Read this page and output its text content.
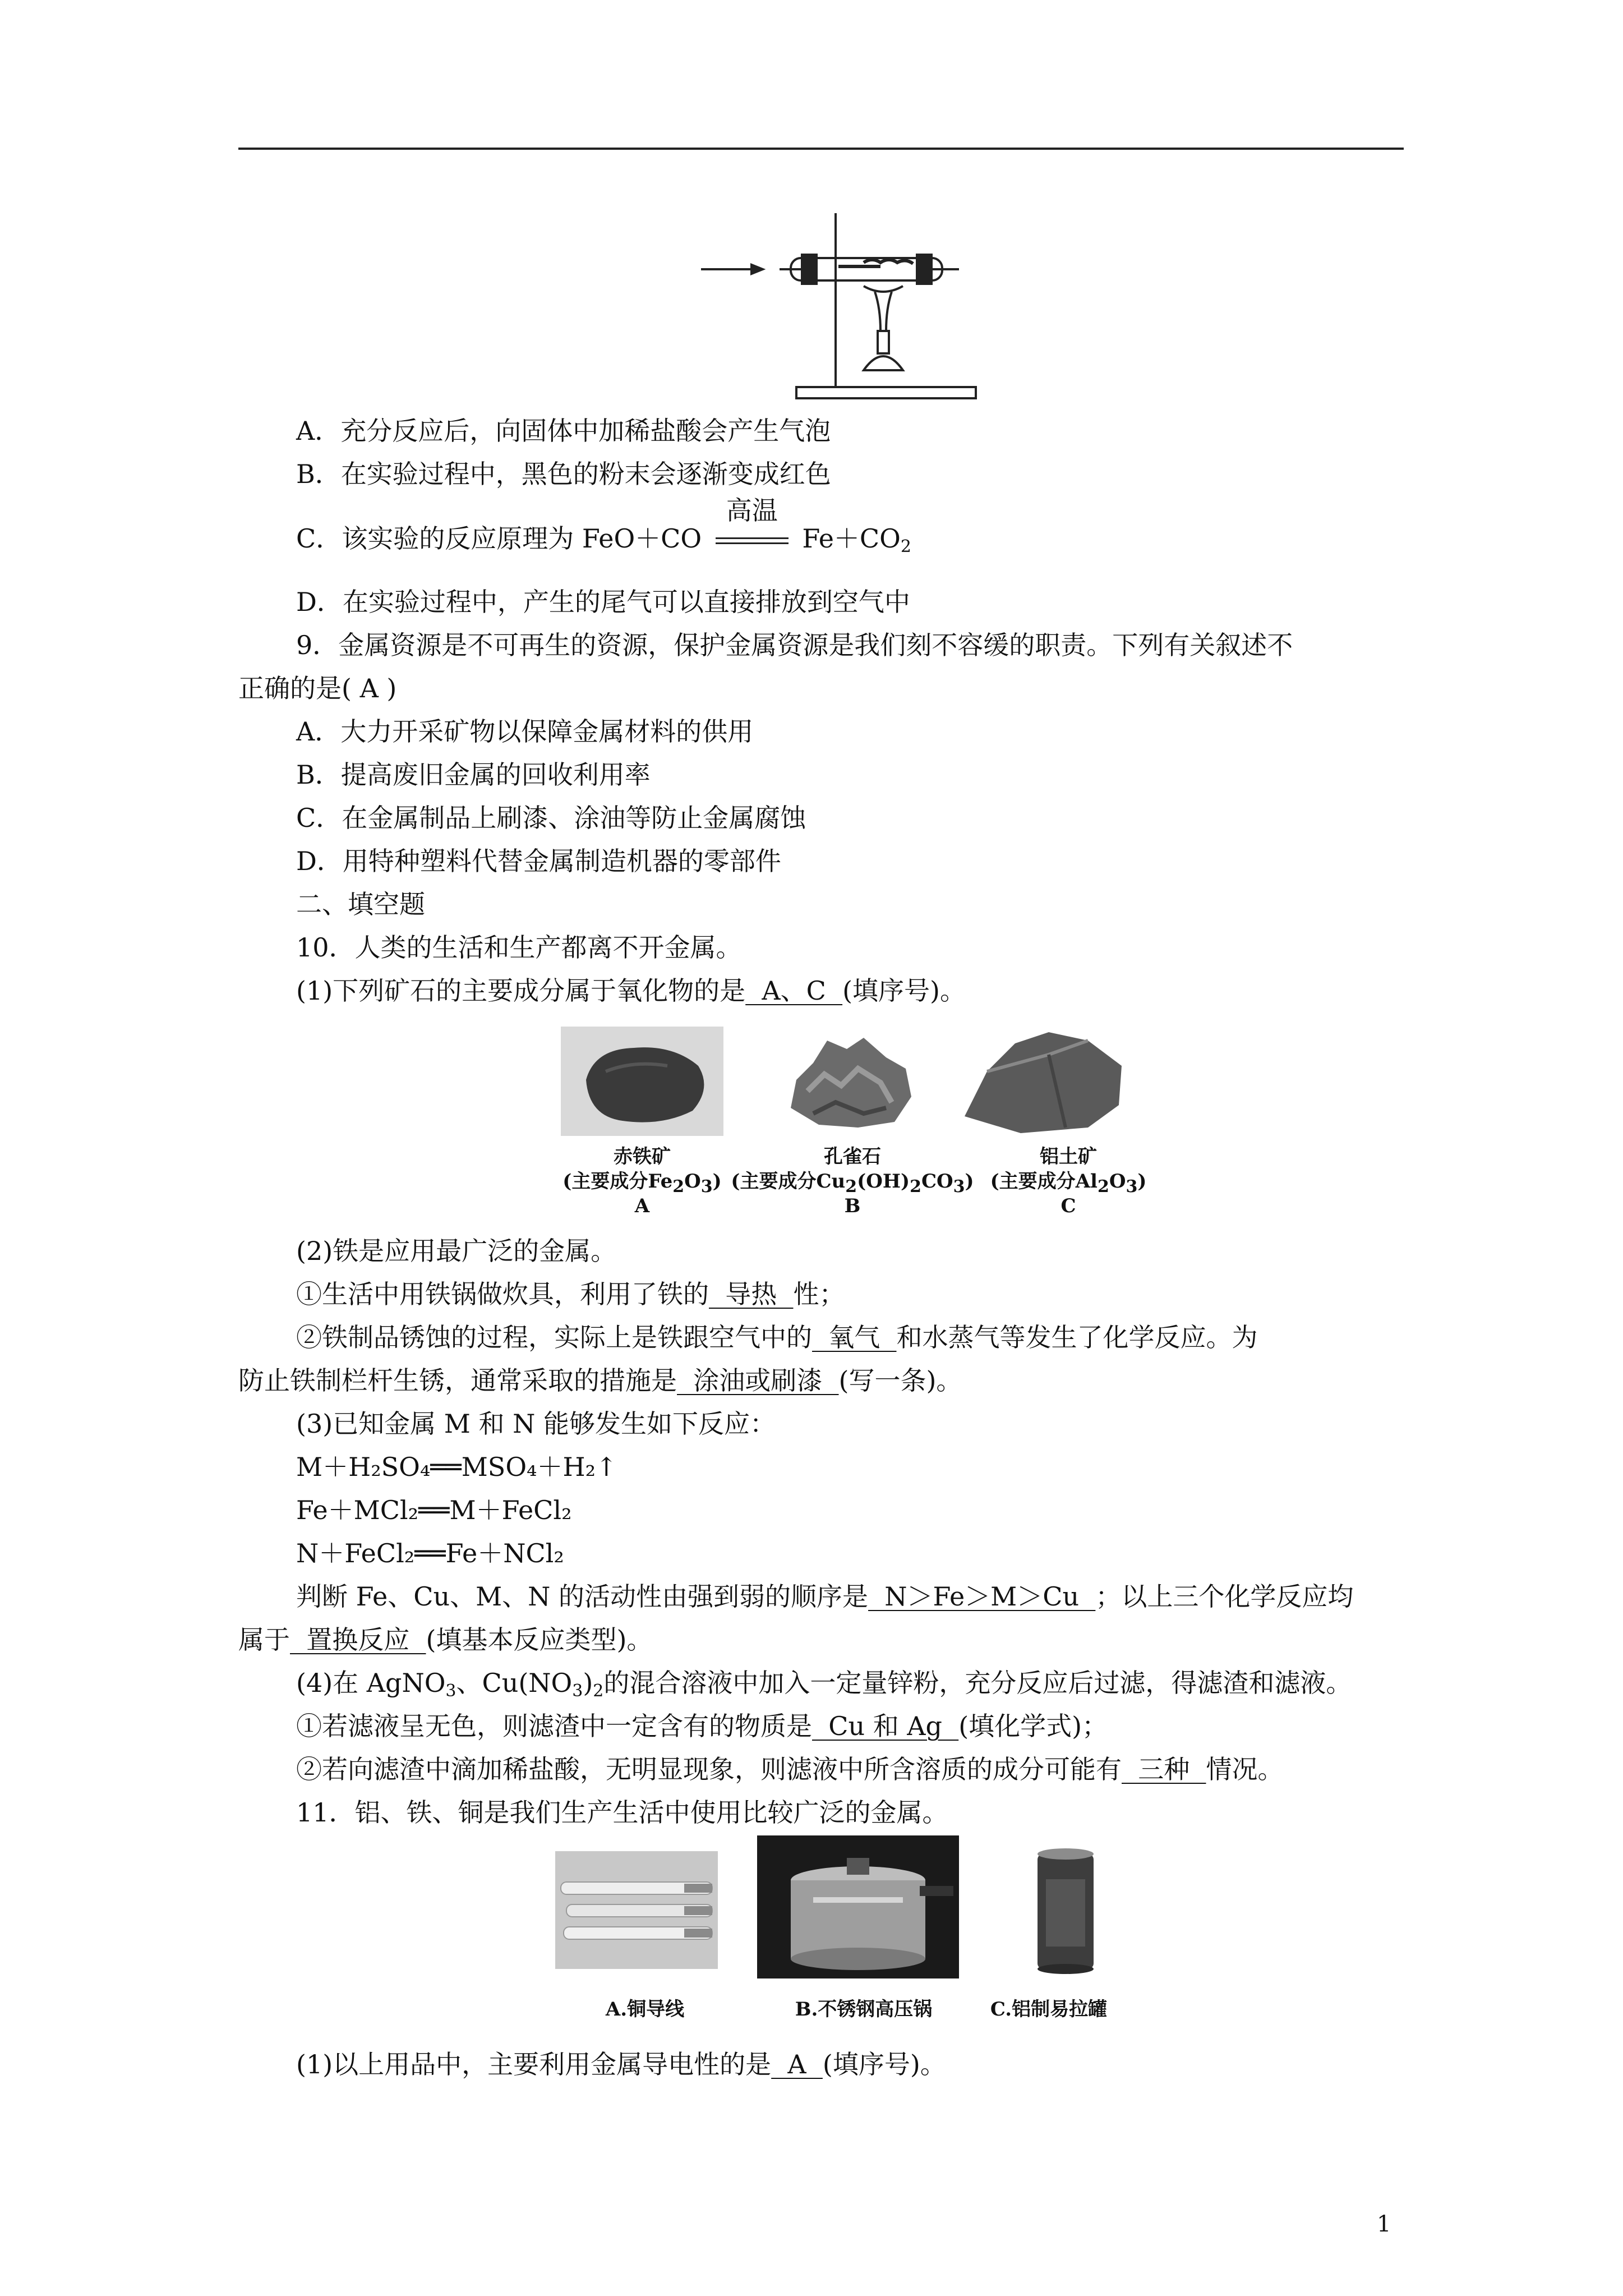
A．充分反应后，向固体中加稀盐酸会产生气泡
B．在实验过程中，黑色的粉末会逐渐变成红色
C．该实验的反应原理为 FeO＋CO
高温
$Fe+CO_2$
D．在实验过程中，产生的尾气可以直接排放到空气中
9．金属资源是不可再生的资源，保护金属资源是我们刻不容缓的职责。下列有关叙述不
正确的是( A )
A．大力开采矿物以保障金属材料的供用
B．提高废旧金属的回收利用率
C．在金属制品上刷漆、涂油等防止金属腐蚀
D．用特种塑料代替金属制造机器的零部件
二、填空题
10．人类的生活和生产都离不开金属。
(1)下列矿石的主要成分属于氧化物的是  A、C  (填序号)。
赤铁矿
(主要成分$Fe_2O_3$)
A
孔雀石
(主要成分$Cu_2(OH)_2CO_3$)
B
铝土矿
(主要成分$Al_2O_3$)
C
(2)铁是应用最广泛的金属。
①生活中用铁锅做炊具，利用了铁的  导热  性；
②铁制品锈蚀的过程，实际上是铁跟空气中的  氧气  和水蒸气等发生了化学反应。为
防止铁制栏杆生锈，通常采取的措施是  涂油或刷漆  (写一条)。
(3)已知金属 M 和 N 能够发生如下反应：
M＋H₂SO₄══MSO₄＋H₂↑
Fe＋MCl₂══M＋FeCl₂
N＋FeCl₂══Fe＋NCl₂
判断 Fe、Cu、M、N 的活动性由强到弱的顺序是  N＞Fe＞M＞Cu  ；以上三个化学反应均
属于  置换反应  (填基本反应类型)。
(4)在 AgNO$_3$、$Cu(NO_3)_2$的混合溶液中加入一定量锌粉，充分反应后过滤，得滤渣和滤液。
①若滤液呈无色，则滤渣中一定含有的物质是  Cu 和 Ag  (填化学式)；
②若向滤渣中滴加稀盐酸，无明显现象，则滤液中所含溶质的成分可能有  三种  情况。
11．铝、铁、铜是我们生产生活中使用比较广泛的金属。
A.铜导线	B.不锈钢高压锅	C.铝制易拉罐
(1)以上用品中，主要利用金属导电性的是  A  (填序号)。
1
